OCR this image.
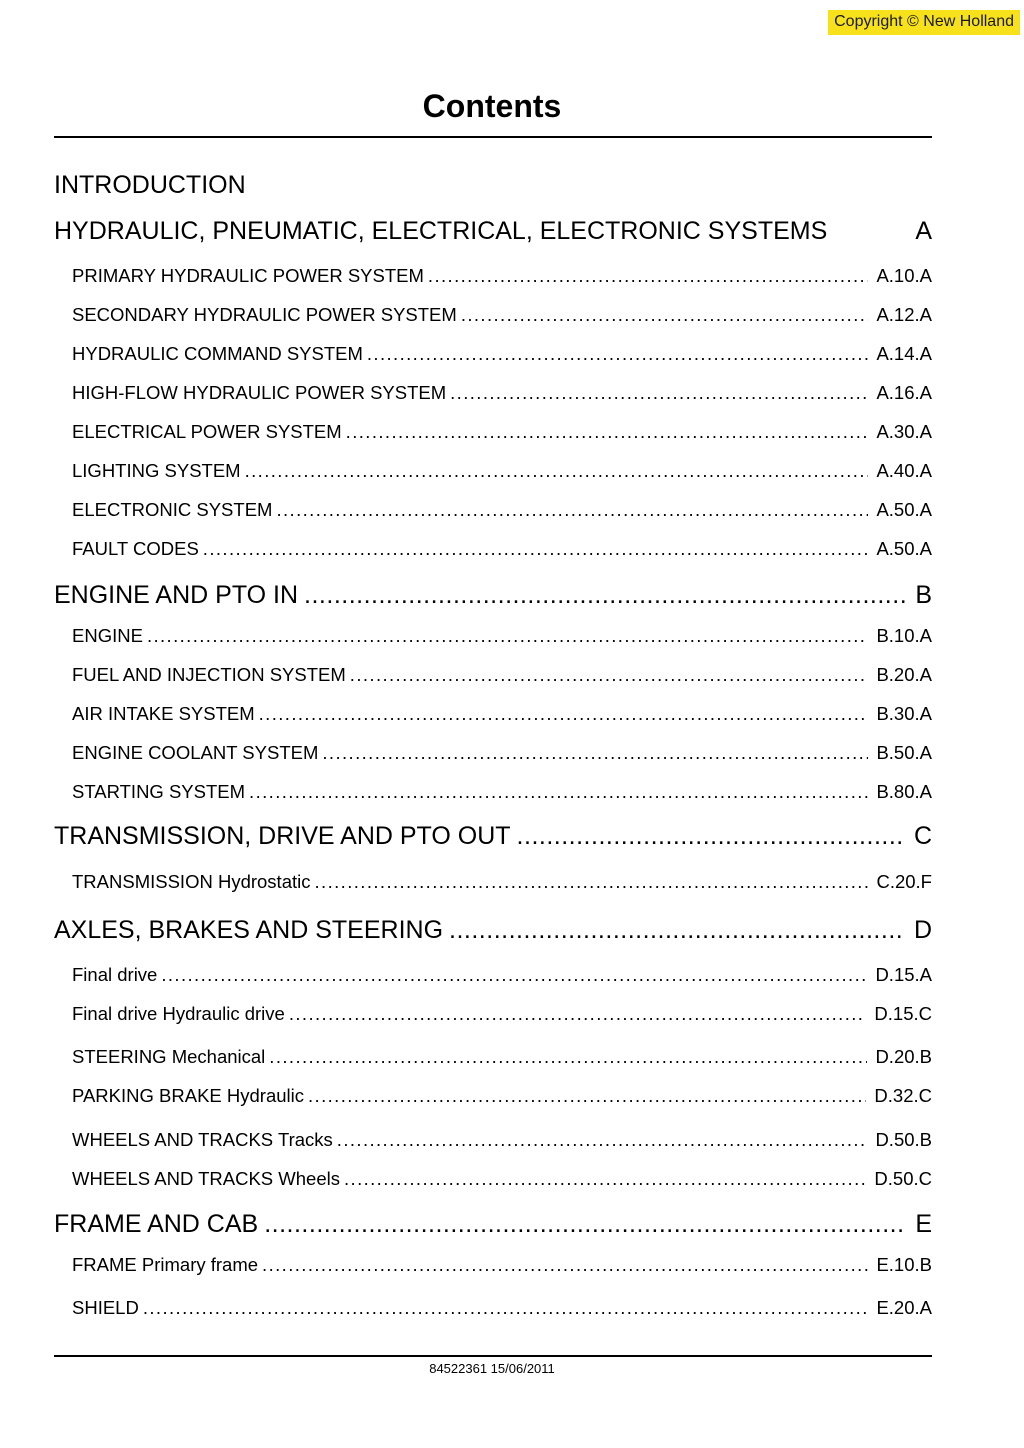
Copyright © New Holland
Contents
INTRODUCTION
HYDRAULIC, PNEUMATIC, ELECTRICAL, ELECTRONIC SYSTEMS	A
PRIMARY HYDRAULIC POWER SYSTEM .....	A.10.A
SECONDARY HYDRAULIC POWER SYSTEM .....	A.12.A
HYDRAULIC COMMAND SYSTEM .....	A.14.A
HIGH-FLOW HYDRAULIC POWER SYSTEM .....	A.16.A
ELECTRICAL POWER SYSTEM .....	A.30.A
LIGHTING SYSTEM .....	A.40.A
ELECTRONIC SYSTEM .....	A.50.A
FAULT CODES .....	A.50.A
ENGINE AND PTO IN .....	B
ENGINE .....	B.10.A
FUEL AND INJECTION SYSTEM .....	B.20.A
AIR INTAKE SYSTEM .....	B.30.A
ENGINE COOLANT SYSTEM .....	B.50.A
STARTING SYSTEM .....	B.80.A
TRANSMISSION, DRIVE AND PTO OUT .....	C
TRANSMISSION Hydrostatic .....	C.20.F
AXLES, BRAKES AND STEERING .....	D
Final drive .....	D.15.A
Final drive Hydraulic drive .....	D.15.C
STEERING Mechanical .....	D.20.B
PARKING BRAKE Hydraulic .....	D.32.C
WHEELS AND TRACKS Tracks .....	D.50.B
WHEELS AND TRACKS Wheels .....	D.50.C
FRAME AND CAB .....	E
FRAME Primary frame .....	E.10.B
SHIELD .....	E.20.A
84522361 15/06/2011
